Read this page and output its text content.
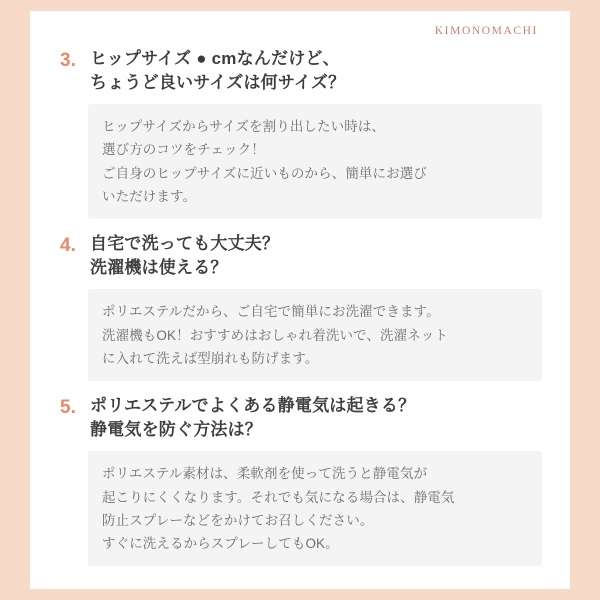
KIMONOMACHI
3. ヒップサイズ ● cmなんだけど、
ちょうど良いサイズは何サイズ？
ヒップサイズからサイズを割り出したい時は、
選び方のコツをチェック！
ご自身のヒップサイズに近いものから、簡単にお選び
いただけます。
4. 自宅で洗っても大丈夫？
洗濯機は使える？
ポリエステルだから、ご自宅で簡単にお洗濯できます。
洗濯機もOK！おすすめはおしゃれ着洗いで、洗濯ネット
に入れて洗えば型崩れも防げます。
5. ポリエステルでよくある静電気は起きる？
静電気を防ぐ方法は？
ポリエステル素材は、柔軟剤を使って洗うと静電気が
起こりにくくなります。それでも気になる場合は、静電気
防止スプレーなどをかけてお召しください。
すぐに洗えるからスプレーしてもOK。
